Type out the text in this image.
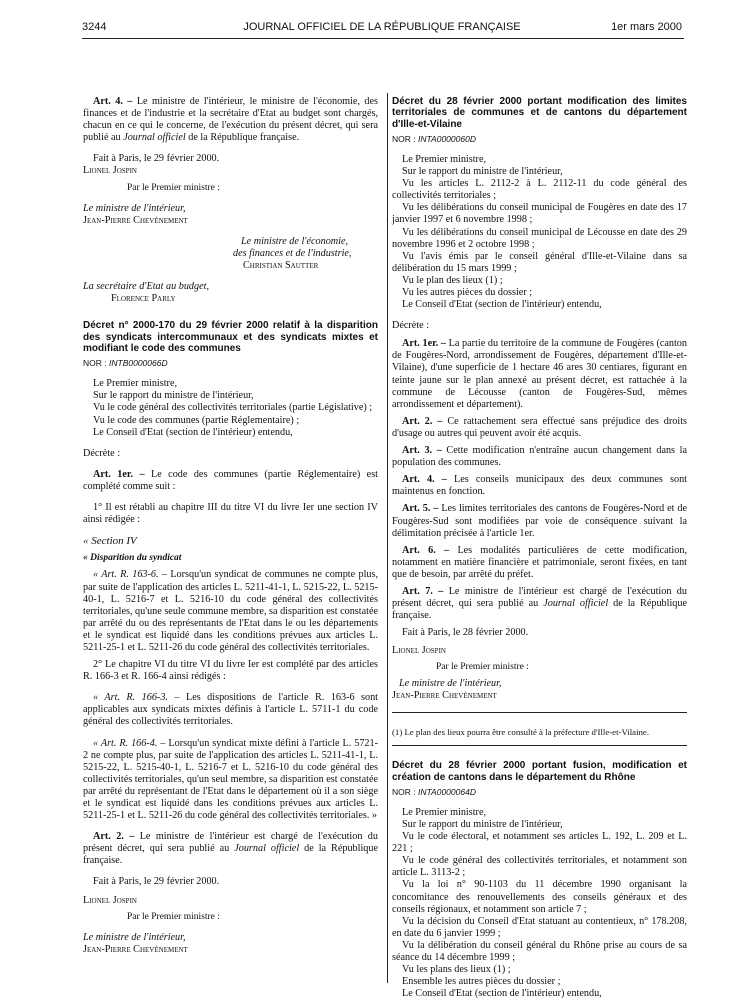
3244	JOURNAL OFFICIEL DE LA RÉPUBLIQUE FRANÇAISE	1er mars 2000

Art. 4. – Le ministre de l'intérieur, le ministre de l'économie, des finances et de l'industrie et la secrétaire d'Etat au budget sont chargés, chacun en ce qui le concerne, de l'exécution du présent décret, qui sera publié au Journal officiel de la République française.

Fait à Paris, le 29 février 2000.

Lionel Jospin

Par le Premier ministre :

Le ministre de l'intérieur,

Jean-Pierre Chevènement

Le ministre de l'économie,

des finances et de l'industrie,

Christian Sautter

La secrétaire d'Etat au budget,

Florence Parly

Décret n° 2000-170 du 29 février 2000 relatif à la disparition des syndicats intercommunaux et des syndicats mixtes et modifiant le code des communes

NOR : INTB0000066D

Le Premier ministre,

Sur le rapport du ministre de l'intérieur,

Vu le code général des collectivités territoriales (partie Législative) ;

Vu le code des communes (partie Réglementaire) ;

Le Conseil d'Etat (section de l'intérieur) entendu,

Décrète :

Art. 1er. – Le code des communes (partie Réglementaire) est complété comme suit :

1° Il est rétabli au chapitre III du titre VI du livre Ier une section IV ainsi rédigée :

« Section IV

« Disparition du syndicat

« Art. R. 163-6. – Lorsqu'un syndicat de communes ne compte plus, par suite de l'application des articles L. 5211-41-1, L. 5215-22, L. 5215-40-1, L. 5216-7 et L. 5216-10 du code général des collectivités territoriales, qu'une seule commune membre, sa disparition est constatée par arrêté du ou des représentants de l'Etat dans le ou les départements et le syndicat est liquidé dans les conditions prévues aux articles L. 5211-25-1 et L. 5211-26 du code général des collectivités territoriales.

2° Le chapitre VI du titre VI du livre Ier est complété par des articles R. 166-3 et R. 166-4 ainsi rédigés :

« Art. R. 166-3. – Les dispositions de l'article R. 163-6 sont applicables aux syndicats mixtes définis à l'article L. 5711-1 du code général des collectivités territoriales.

« Art. R. 166-4. – Lorsqu'un syndicat mixte défini à l'article L. 5721-2 ne compte plus, par suite de l'application des articles L. 5211-41-1, L. 5215-22, L. 5215-40-1, L. 5216-7 et L. 5216-10 du code général des collectivités territoriales, qu'un seul membre, sa disparition est constatée par arrêté du représentant de l'Etat dans le département où il a son siège et le syndicat est liquidé dans les conditions prévues aux articles L. 5211-25-1 et L. 5211-26 du code général des collectivités territoriales. »

Art. 2. – Le ministre de l'intérieur est chargé de l'exécution du présent décret, qui sera publié au Journal officiel de la République française.

Fait à Paris, le 29 février 2000.

Lionel Jospin

Par le Premier ministre :

Le ministre de l'intérieur,

Jean-Pierre Chevènement

Décret du 28 février 2000 portant modification des limites territoriales de communes et de cantons du département d'Ille-et-Vilaine

NOR : INTA0000060D

Le Premier ministre,

Sur le rapport du ministre de l'intérieur,

Vu les articles L. 2112-2 à L. 2112-11 du code général des collectivités territoriales ;

Vu les délibérations du conseil municipal de Fougères en date des 17 janvier 1997 et 6 novembre 1998 ;

Vu les délibérations du conseil municipal de Lécousse en date des 29 novembre 1996 et 2 octobre 1998 ;

Vu l'avis émis par le conseil général d'Ille-et-Vilaine dans sa délibération du 15 mars 1999 ;

Vu le plan des lieux (1) ;

Vu les autres pièces du dossier ;

Le Conseil d'Etat (section de l'intérieur) entendu,

Décrète :

Art. 1er. – La partie du territoire de la commune de Fougères (canton de Fougères-Nord, arrondissement de Fougères, département d'Ille-et-Vilaine), d'une superficie de 1 hectare 46 ares 30 centiares, figurant en teinte jaune sur le plan annexé au présent décret, est rattachée à la commune de Lécousse (canton de Fougères-Sud, mêmes arrondissement et département).

Art. 2. – Ce rattachement sera effectué sans préjudice des droits d'usage ou autres qui peuvent avoir été acquis.

Art. 3. – Cette modification n'entraîne aucun changement dans la population des communes.

Art. 4. – Les conseils municipaux des deux communes sont maintenus en fonction.

Art. 5. – Les limites territoriales des cantons de Fougères-Nord et de Fougères-Sud sont modifiées par voie de conséquence suivant la délimitation précisée à l'article 1er.

Art. 6. – Les modalités particulières de cette modification, notamment en matière financière et patrimoniale, seront fixées, en tant que de besoin, par arrêté du préfet.

Art. 7. – Le ministre de l'intérieur est chargé de l'exécution du présent décret, qui sera publié au Journal officiel de la République française.

Fait à Paris, le 28 février 2000.

Lionel Jospin

Par le Premier ministre :

Le ministre de l'intérieur,

Jean-Pierre Chevènement

(1) Le plan des lieux pourra être consulté à la préfecture d'Ille-et-Vilaine.

Décret du 28 février 2000 portant fusion, modification et création de cantons dans le département du Rhône

NOR : INTA0000064D

Le Premier ministre,

Sur le rapport du ministre de l'intérieur,

Vu le code électoral, et notamment ses articles L. 192, L. 209 et L. 221 ;

Vu le code général des collectivités territoriales, et notamment son article L. 3113-2 ;

Vu la loi n° 90-1103 du 11 décembre 1990 organisant la concomitance des renouvellements des conseils généraux et des conseils régionaux, et notamment son article 7 ;

Vu la décision du Conseil d'Etat statuant au contentieux, n° 178.208, en date du 6 janvier 1999 ;

Vu la délibération du conseil général du Rhône prise au cours de sa séance du 14 décembre 1999 ;

Vu les plans des lieux (1) ;

Ensemble les autres pièces du dossier ;

Le Conseil d'Etat (section de l'intérieur) entendu,
